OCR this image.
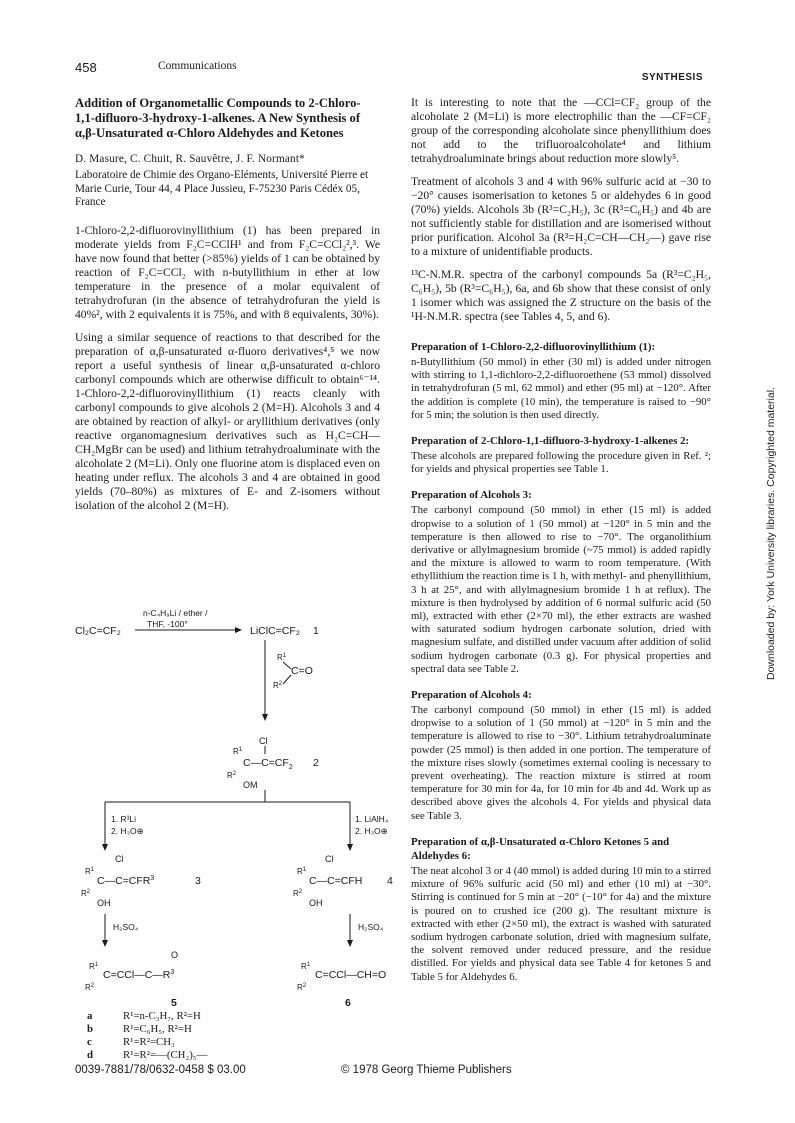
458	Communications
SYNTHESIS
Addition of Organometallic Compounds to 2-Chloro-1,1-difluoro-3-hydroxy-1-alkenes. A New Synthesis of α,β-Unsaturated α-Chloro Aldehydes and Ketones
D. Masure, C. Chuit, R. Sauvêtre, J. F. Normant*
Laboratoire de Chimie des Organo-Eléments, Université Pierre et Marie Curie, Tour 44, 4 Place Jussieu, F-75230 Paris Cédéx 05, France

1-Chloro-2,2-difluorovinyllithium (1) has been prepared in moderate yields from F₂C=CClH¹ and from F₂C=CCl₂²,³. We have now found that better (>85%) yields of 1 can be obtained by reaction of F₂C=CCl₂ with n-butyllithium in ether at low temperature in the presence of a molar equivalent of tetrahydrofuran (in the absence of tetrahydrofuran the yield is 40%², with 2 equivalents it is 75%, and with 8 equivalents, 30%).

Using a similar sequence of reactions to that described for the preparation of α,β-unsaturated α-fluoro derivatives⁴,⁵ we now report a useful synthesis of linear α,β-unsaturated α-chloro carbonyl compounds which are otherwise difficult to obtain⁶⁻¹⁴. 1-Chloro-2,2-difluorovinyllithium (1) reacts cleanly with carbonyl compounds to give alcohols 2 (M=H). Alcohols 3 and 4 are obtained by reaction of alkyl- or aryllithium derivatives (only reactive organomagnesium derivatives such as H₂C=CH—CH₂MgBr can be used) and lithium tetrahydroaluminate with the alcoholate 2 (M=Li). Only one fluorine atom is displaced even on heating under reflux. The alcohols 3 and 4 are obtained in good yields (70–80%) as mixtures of E- and Z-isomers without isolation of the alcohol 2 (M=H).

It is interesting to note that the —CCl=CF₂ group of the alcoholate 2 (M=Li) is more electrophilic than the —CF=CF₂ group of the corresponding alcoholate since phenyllithium does not add to the trifluoroalcoholate⁴ and lithium tetrahydroaluminate brings about reduction more slowly⁵.

Treatment of alcohols 3 and 4 with 96% sulfuric acid at −30 to −20° causes isomerisation to ketones 5 or aldehydes 6 in good (70%) yields. Alcohols 3b (R³=C₂H₅), 3c (R³=C₆H₅) and 4b are not sufficiently stable for distillation and are isomerised without prior purification. Alcohol 3a (R³=H₂C=CH—CH₂—) gave rise to a mixture of unidentifiable products.

¹³C-N.M.R. spectra of the carbonyl compounds 5a (R³=C₂H₅, C₆H₅), 5b (R³=C₆H₅), 6a, and 6b show that these consist of only 1 isomer which was assigned the Z structure on the basis of the ¹H-N.M.R. spectra (see Tables 4, 5, and 6).

Preparation of 1-Chloro-2,2-difluorovinyllithium (1):

n-Butyllithium (50 mmol) in ether (30 ml) is added under nitrogen with stirring to 1,1-dichloro-2,2-difluoroethene (53 mmol) dissolved in tetrahydrofuran (5 ml, 62 mmol) and ether (95 ml) at −120°. After the addition is complete (10 min), the temperature is raised to −90° for 5 min; the solution is then used directly.

Preparation of 2-Chloro-1,1-difluoro-3-hydroxy-1-alkenes 2:

These alcohols are prepared following the procedure given in Ref. ²; for yields and physical properties see Table 1.

Preparation of Alcohols 3:

The carbonyl compound (50 mmol) in ether (15 ml) is added dropwise to a solution of 1 (50 mmol) at −120° in 5 min and the temperature is then allowed to rise to −70°. The organolithium derivative or allylmagnesium bromide (~75 mmol) is added rapidly and the mixture is allowed to warm to room temperature. (With ethyllithium the reaction time is 1 h, with methyl- and phenyllithium, 3 h at 25°, and with allylmagnesium bromide 1 h at reflux). The mixture is then hydrolysed by addition of 6 normal sulfuric acid (50 ml), extracted with ether (2×70 ml), the ether extracts are washed with saturated sodium hydrogen carbonate solution, dried with magnesium sulfate, and distilled under vacuum after addition of solid sodium hydrogen carbonate (0.3 g). For physical properties and spectral data see Table 2.

Preparation of Alcohols 4:

The carbonyl compound (50 mmol) in ether (15 ml) is added dropwise to a solution of 1 (50 mmol) at −120° in 5 min and the temperature is allowed to rise to −30°. Lithium tetrahydroaluminate powder (25 mmol) is then added in one portion. The temperature of the mixture rises slowly (sometimes external cooling is necessary to prevent overheating). The reaction mixture is stirred at room temperature for 30 min for 4a, for 10 min for 4b and 4d. Work up as described above gives the alcohols 4. For yields and physical data see Table 3.

Preparation of α,β-Unsaturated α-Chloro Ketones 5 and Aldehydes 6:

The neat alcohol 3 or 4 (40 mmol) is added during 10 min to a stirred mixture of 96% sulfuric acid (50 ml) and ether (10 ml) at −30°. Stirring is continued for 5 min at −20° (−10° for 4a) and the mixture is poured on to crushed ice (200 g). The resultant mixture is extracted with ether (2×50 ml), the extract is washed with saturated sodium hydrogen carbonate solution, dried with magnesium sulfate, the solvent removed under reduced pressure, and the residue distilled. For yields and physical data see Table 4 for ketones 5 and Table 5 for Aldehydes 6.

Cl₂C=CF₂
n-C₄H₉Li / ether /
THF, -100°
LiClC=CF₂ 1
$R^1$
C=O
$R^2$
Cl
$R^1$
$C—C=CF_2$
$R^2$
OM
2
1. R³Li
2. H₃O⊕
1. LiAlH₄
2. H₃O⊕
Cl
$R^1$
$C—C=CFR^3$
$R^2$
OH
3
Cl
$R^1$
C—C=CFH
$R^2$
OH
4
H₂SO₄	H₂SO₄
O
$R^1$
$C=CCl—C—R^3$
$R^2$
5
$R^1$
C=CCl—CH=O
$R^2$
6
a	R¹=n-C₃H₇, R²=H
b	R¹=C₆H₅, R²=H
c	R¹=R²=CH₃
d	R¹=R²=—(CH₂)₅—
0039-7881/78/0632-0458 $ 03.00	© 1978 Georg Thieme Publishers
Downloaded by: York University libraries. Copyrighted material.
